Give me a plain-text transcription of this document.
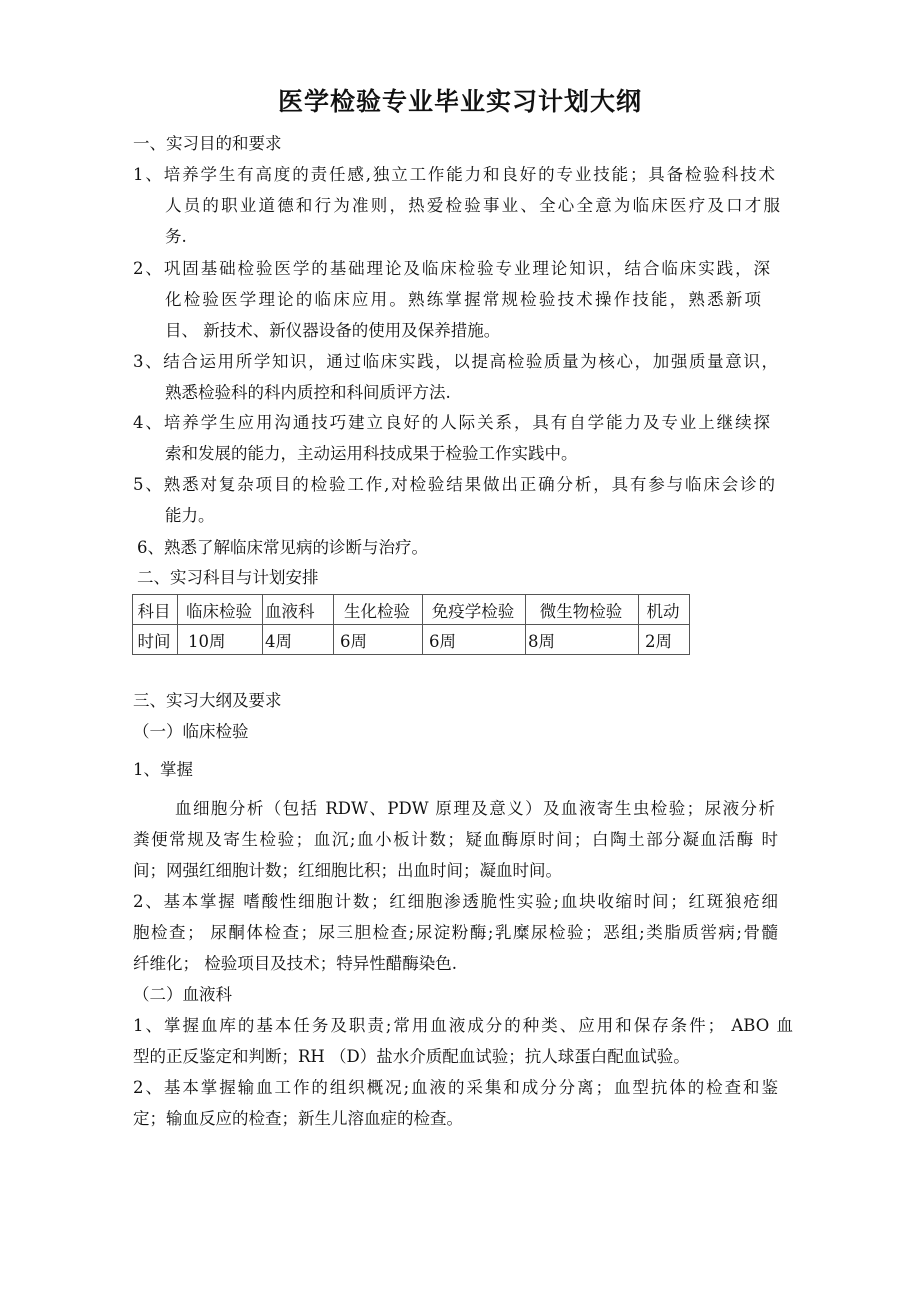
医学检验专业毕业实习计划大纲
一、实习目的和要求
1、培养学生有高度的责任感,独立工作能力和良好的专业技能；具备检验科技术
人员的职业道德和行为准则，热爱检验事业、全心全意为临床医疗及口才服
务.
2、巩固基础检验医学的基础理论及临床检验专业理论知识，结合临床实践，深
化检验医学理论的临床应用。熟练掌握常规检验技术操作技能，熟悉新项
目、 新技术、新仪器设备的使用及保养措施。
3、结合运用所学知识，通过临床实践，以提高检验质量为核心，加强质量意识，
熟悉检验科的科内质控和科间质评方法.
4、培养学生应用沟通技巧建立良好的人际关系，具有自学能力及专业上继续探
索和发展的能力，主动运用科技成果于检验工作实践中。
5、熟悉对复杂项目的检验工作,对检验结果做出正确分析，具有参与临床会诊的
能力。
6、熟悉了解临床常见病的诊断与治疗。
二、实习科目与计划安排
科目	临床检验	血液科	生化检验	免疫学检验	微生物检验	机动
时间	10周	4周	6周	6周	8周	2周
三、实习大纲及要求
（一）临床检验
1、掌握
血细胞分析（包括 RDW、PDW 原理及意义）及血液寄生虫检验；尿液分析
粪便常规及寄生检验；血沉;血小板计数；疑血酶原时间；白陶土部分凝血活酶 时
间；网强红细胞计数；红细胞比积；出血时间；凝血时间。
2、基本掌握 嗜酸性细胞计数；红细胞渗透脆性实验;血块收缩时间；红斑狼疮细
胞检查； 尿酮体检查；尿三胆检查;尿淀粉酶;乳糜尿检验；恶组;类脂质喾病;骨髓
纤维化； 检验项目及技术；特异性醋酶染色.
（二）血液科
1、掌握血库的基本任务及职责;常用血液成分的种类、应用和保存条件； ABO 血
型的正反鉴定和判断；RH （D）盐水介质配血试验；抗人球蛋白配血试验。
2、基本掌握输血工作的组织概况;血液的采集和成分分离；血型抗体的检查和鉴
定；输血反应的检查；新生儿溶血症的检查。
